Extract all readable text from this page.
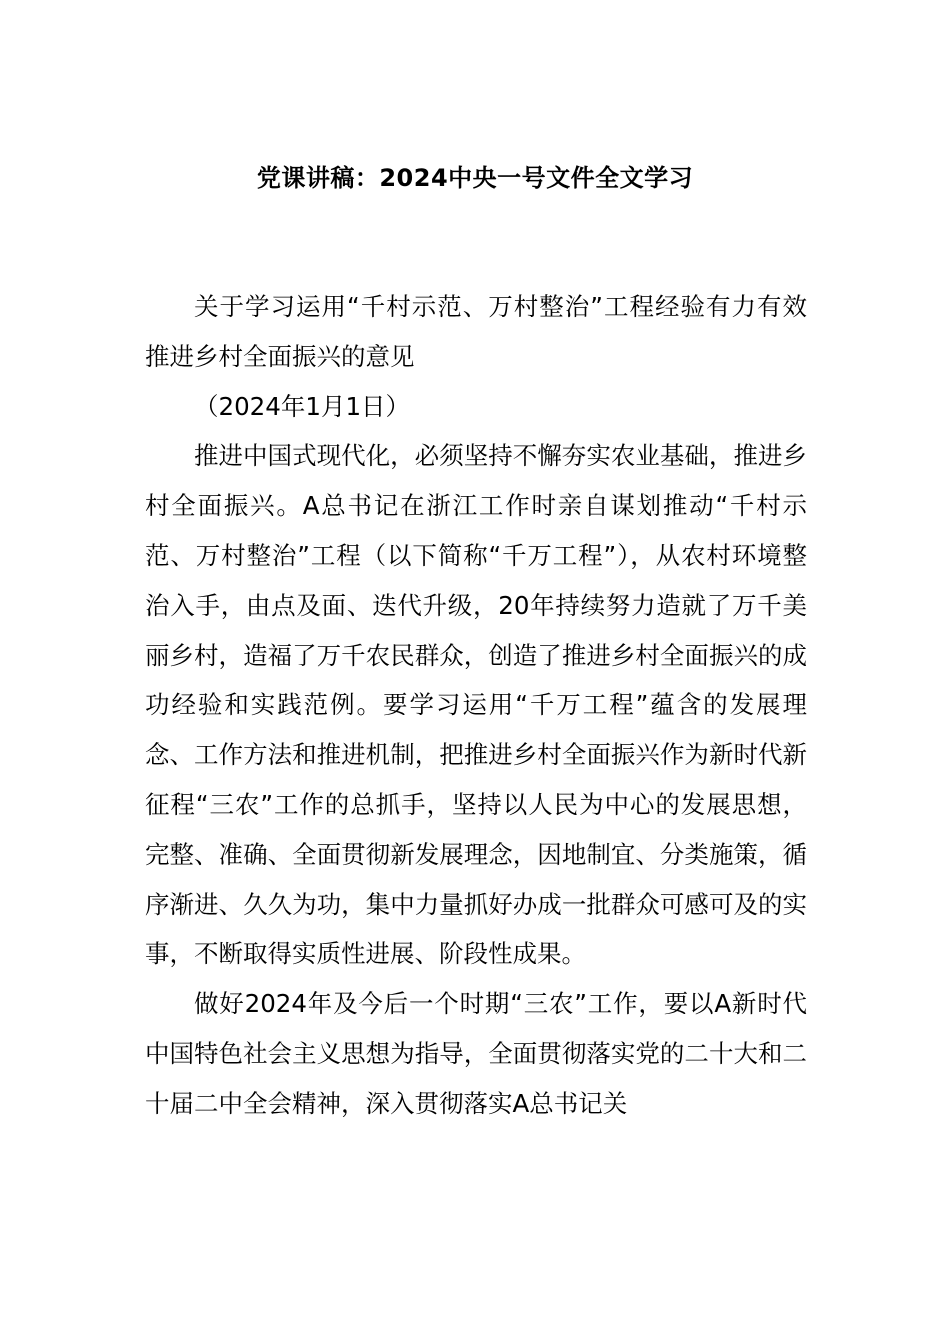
党课讲稿：2024中央一号文件全文学习

关于学习运用“千村示范、万村整治”工程经验有力有效推进乡村全面振兴的意见

（2024年1月1日）

推进中国式现代化，必须坚持不懈夯实农业基础，推进乡村全面振兴。A总书记在浙江工作时亲自谋划推动“千村示范、万村整治”工程（以下简称“千万工程”），从农村环境整治入手，由点及面、迭代升级，20年持续努力造就了万千美丽乡村，造福了万千农民群众，创造了推进乡村全面振兴的成功经验和实践范例。要学习运用“千万工程”蕴含的发展理念、工作方法和推进机制，把推进乡村全面振兴作为新时代新征程“三农”工作的总抓手，坚持以人民为中心的发展思想，完整、准确、全面贯彻新发展理念，因地制宜、分类施策，循序渐进、久久为功，集中力量抓好办成一批群众可感可及的实事，不断取得实质性进展、阶段性成果。

做好2024年及今后一个时期“三农”工作，要以A新时代中国特色社会主义思想为指导，全面贯彻落实党的二十大和二十届二中全会精神，深入贯彻落实A总书记关
